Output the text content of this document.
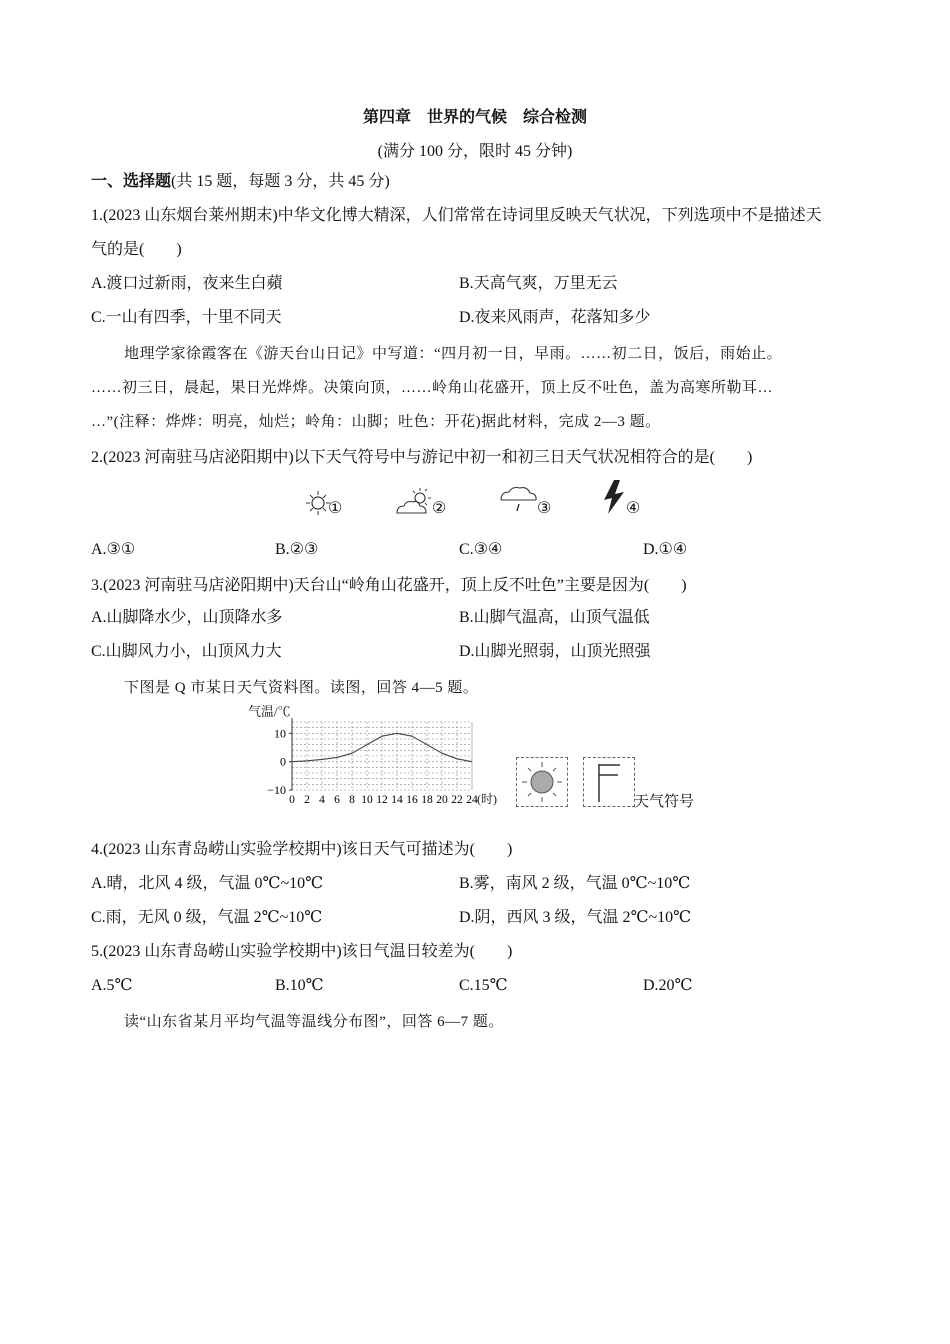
第四章　世界的气候　综合检测
(满分 100 分，限时 45 分钟)
一、选择题(共 15 题，每题 3 分，共 45 分)
1.(2023 山东烟台莱州期末)中华文化博大精深，人们常常在诗词里反映天气状况，下列选项中不是描述天
气的是(　　)
A.渡口过新雨，夜来生白蘋	B.天高气爽，万里无云
C.一山有四季，十里不同天	D.夜来风雨声，花落知多少
地理学家徐霞客在《游天台山日记》中写道：“四月初一日，早雨。……初二日，饭后，雨始止。
……初三日，晨起，果日光烨烨。决策向顶，……岭角山花盛开，顶上反不吐色，盖为高寒所勒耳…
…”(注释：烨烨：明亮，灿烂；岭角：山脚；吐色：开花)据此材料，完成 2—3 题。
2.(2023 河南驻马店泌阳期中)以下天气符号中与游记中初一和初三日天气状况相符合的是(　　)
①	②	③	④
A.③①	B.②③	C.③④	D.①④
3.(2023 河南驻马店泌阳期中)天台山“岭角山花盛开，顶上反不吐色”主要是因为(　　)
A.山脚降水少，山顶降水多	B.山脚气温高，山顶气温低
C.山脚风力小，山顶风力大	D.山脚光照弱，山顶光照强
下图是 Q 市某日天气资料图。读图，回答 4—5 题。
气温/℃
10
0
−10
0 2 4 6 8 10 12 14 16 18 20 22 24 (时)	天气符号
4.(2023 山东青岛崂山实验学校期中)该日天气可描述为(　　)
A.晴，北风 4 级，气温 0℃~10℃	B.雾，南风 2 级，气温 0℃~10℃
C.雨，无风 0 级，气温 2℃~10℃	D.阴，西风 3 级，气温 2℃~10℃
5.(2023 山东青岛崂山实验学校期中)该日气温日较差为(　　)
A.5℃	B.10℃	C.15℃	D.20℃
读“山东省某月平均气温等温线分布图”，回答 6—7 题。
